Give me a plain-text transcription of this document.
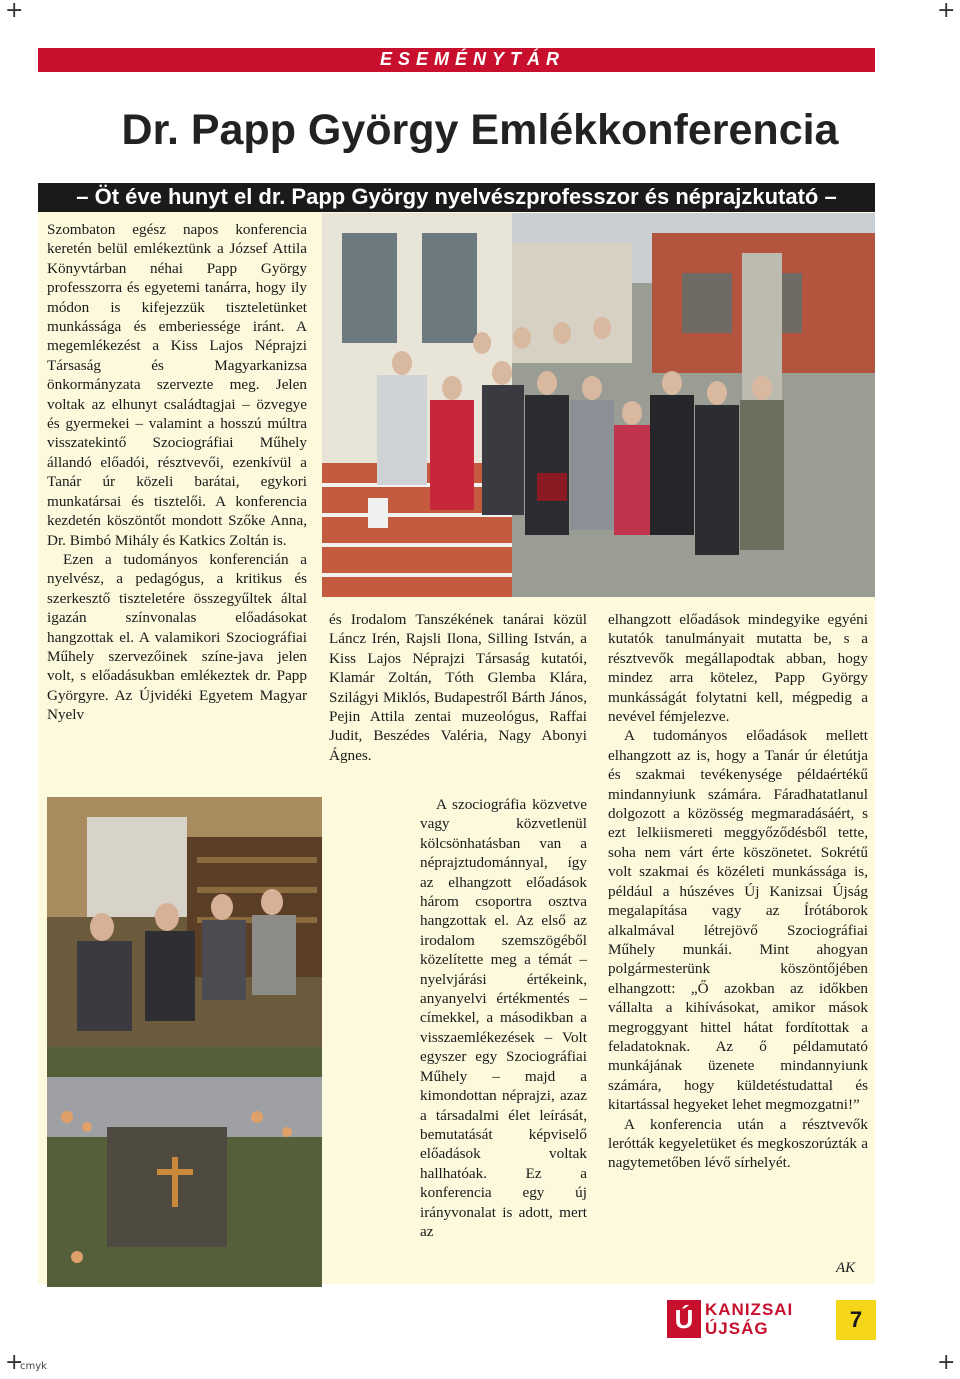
+	+
+	+
ESEMÉNYTÁR
Dr. Papp György Emlékkonferencia
– Öt éve hunyt el dr. Papp György nyelvészprofesszor és néprajzkutató –

Szombaton egész napos konferencia keretén belül emlékeztünk a József Attila Könyvtárban néhai Papp György professzorra és egyetemi tanárra, hogy ily módon is kifejezzük tiszteletünket munkássága és emberiessége iránt. A megemlékezést a Kiss Lajos Néprajzi Társaság és Magyarkanizsa önkormányzata szervezte meg. Jelen voltak az elhunyt családtagjai – özvegye és gyermekei – valamint a hosszú múltra visszatekintő Szociográfiai Műhely állandó előadói, résztvevői, ezenkívül a Tanár úr közeli barátai, egykori munkatársai és tisztelői. A konferencia kezdetén köszöntőt mondott Szőke Anna, Dr. Bimbó Mihály és Katkics Zoltán is.

Ezen a tudományos konferencián a nyelvész, a pedagógus, a kritikus és szerkesztő tiszteletére összegyűltek által igazán színvonalas előadásokat hangzottak el. A valamikori Szociográfiai Műhely szervezőinek színe-java jelen volt, s előadásukban emlékeztek dr. Papp Györgyre. Az Újvidéki Egyetem Magyar Nyelv

és Irodalom Tanszékének tanárai közül Láncz Irén, Rajsli Ilona, Silling István, a Kiss Lajos Néprajzi Társaság kutatói, Klamár Zoltán, Tóth Glemba Klára, Szilágyi Miklós, Budapestről Bárth János, Pejin Attila zentai muzeológus, Raffai Judit, Beszédes Valéria, Nagy Abonyi Ágnes.

A szociográfia közvetve vagy közvetlenül kölcsönhatásban van a néprajztudománnyal, így az elhangzott előadások három csoportra osztva hangzottak el. Az első az irodalom szemszögéből közelítette meg a témát – nyelvjárási értékeink, anyanyelvi értékmentés – címekkel, a másodikban a visszaemlékezések – Volt egyszer egy Szociográfiai Műhely – majd a kimondottan néprajzi, azaz a társadalmi élet leírását, bemutatását képviselő előadások voltak hallhatóak. Ez a konferencia egy új irányvonalat is adott, mert az

elhangzott előadások mindegyike egyéni kutatók tanulmányait mutatta be, s a résztvevők megállapodtak abban, hogy mindez arra kötelez, Papp György munkásságát folytatni kell, mégpedig a nevével fémjelezve.

A tudományos előadások mellett elhangzott az is, hogy a Tanár úr életútja és szakmai tevékenysége példaértékű mindannyiunk számára. Fáradhatatlanul dolgozott a közösség megmaradásáért, s ezt lelkiismereti meggyőződésből tette, soha nem várt érte köszönetet. Sokrétű volt szakmai és közéleti munkássága is, például a húszéves Új Kanizsai Újság megalapítása vagy az Írótáborok alkalmával létrejövő Szociográfiai Műhely munkái. Mint ahogyan polgármesterünk köszöntőjében elhangzott: „Ő azokban az időkben vállalta a kihívásokat, amikor mások megroggyant hittel hátat fordítottak a feladatoknak. Az ő példamutató munkájának üzenete mindannyiunk számára, hogy küldetéstudattal és kitartással hegyeket lehet megmozgatni!”

A konferencia után a résztvevők lerótták kegyeletüket és megkoszorúzták a nagytemetőben lévő sírhelyét.

AK
Ú KANIZSAI
ÚJSÁG	7
cmyk
